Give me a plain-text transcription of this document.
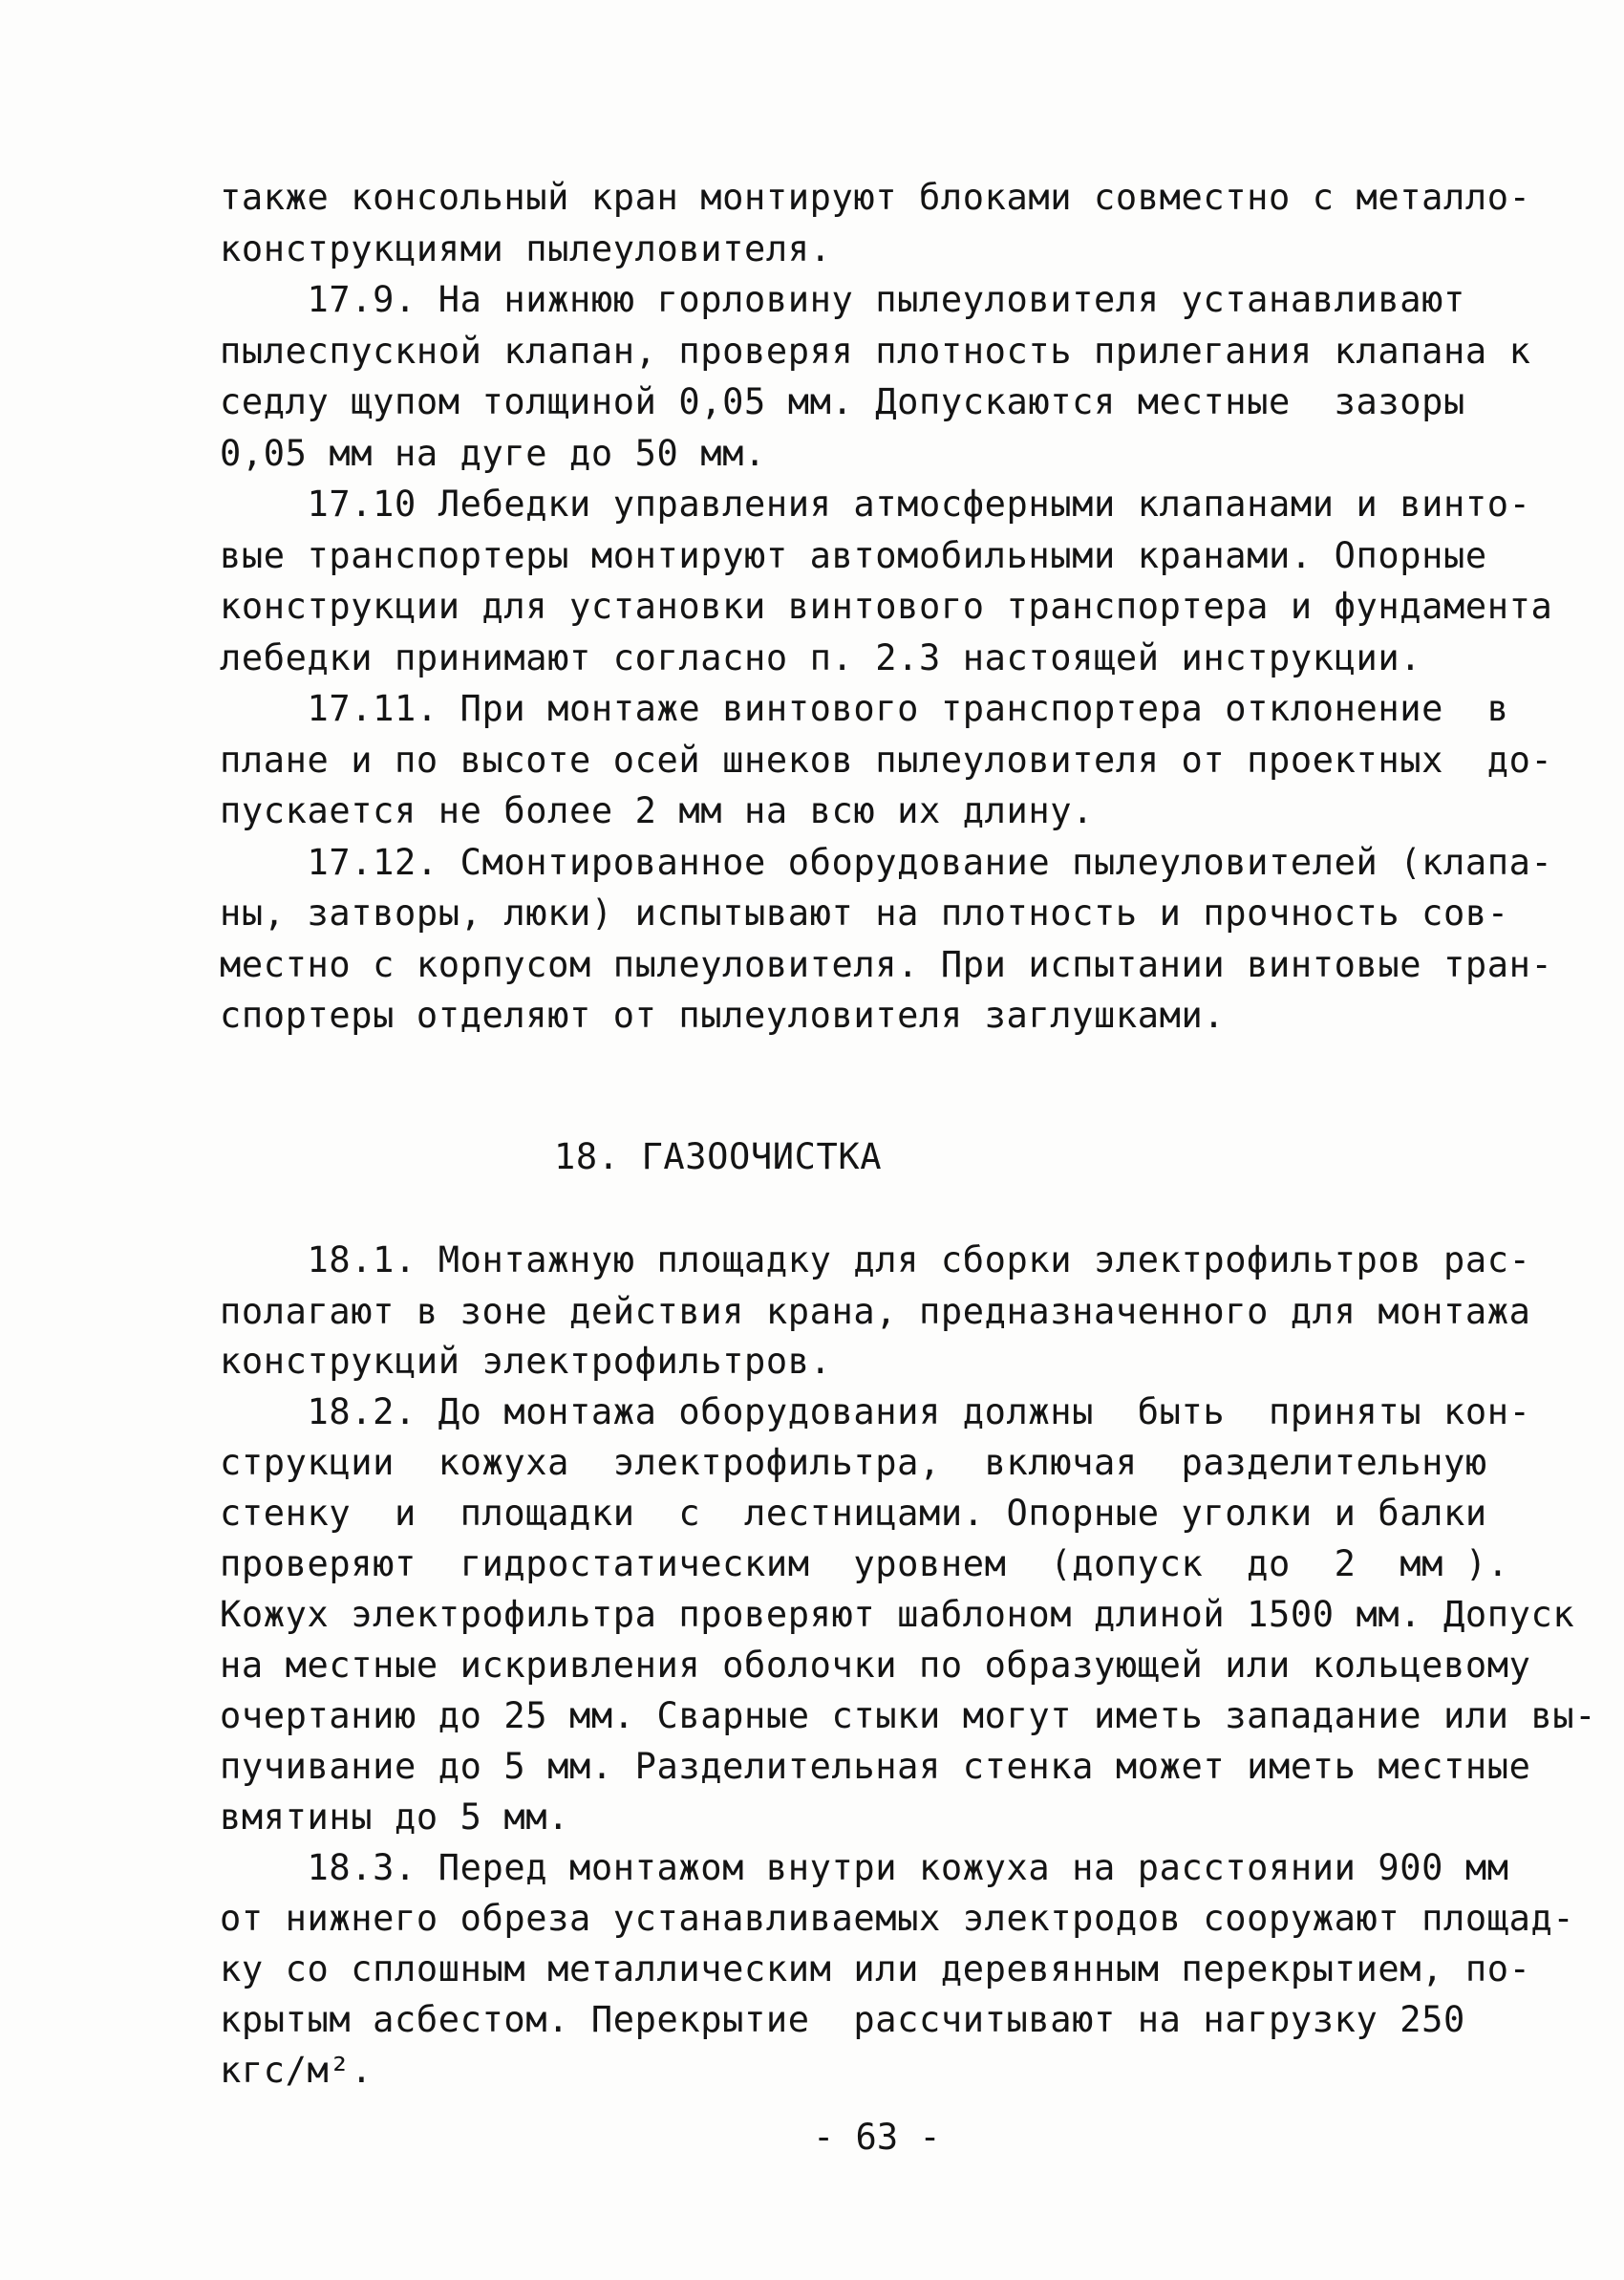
также консольный кран монтируют блоками совместно с металло-
конструкциями пылеуловителя.
17.9. На нижнюю горловину пылеуловителя устанавливают
пылеспускной клапан, проверяя плотность прилегания клапана к
седлу щупом толщиной 0,05 мм. Допускаются местные  зазоры
0,05 мм на дуге до 50 мм.
17.10 Лебедки управления атмосферными клапанами и винто-
вые транспортеры монтируют автомобильными кранами. Опорные
конструкции для установки винтового транспортера и фундамента
лебедки принимают согласно п. 2.3 настоящей инструкции.
17.11. При монтаже винтового транспортера отклонение  в
плане и по высоте осей шнеков пылеуловителя от проектных  до-
пускается не более 2 мм на всю их длину.
17.12. Смонтированное оборудование пылеуловителей (клапа-
ны, затворы, люки) испытывают на плотность и прочность сов-
местно с корпусом пылеуловителя. При испытании винтовые тран-
спортеры отделяют от пылеуловителя заглушками.
18. ГАЗООЧИСТКА
18.1. Монтажную площадку для сборки электрофильтров рас-
полагают в зоне действия крана, предназначенного для монтажа
конструкций электрофильтров.
18.2. До монтажа оборудования должны  быть  приняты кон-
струкции  кожуха  электрофильтра,  включая  разделительную
стенку  и  площадки  с  лестницами. Опорные уголки и балки
проверяют  гидростатическим  уровнем  (допуск  до  2  мм ).
Кожух электрофильтра проверяют шаблоном длиной 1500 мм. Допуск
на местные искривления оболочки по образующей или кольцевому
очертанию до 25 мм. Сварные стыки могут иметь западание или вы-
пучивание до 5 мм. Разделительная стенка может иметь местные
вмятины до 5 мм.
18.3. Перед монтажом внутри кожуха на расстоянии 900 мм
от нижнего обреза устанавливаемых электродов сооружают площад-
ку со сплошным металлическим или деревянным перекрытием, по-
крытым асбестом. Перекрытие  рассчитывают на нагрузку 250
кгс/м².
- 63 -
